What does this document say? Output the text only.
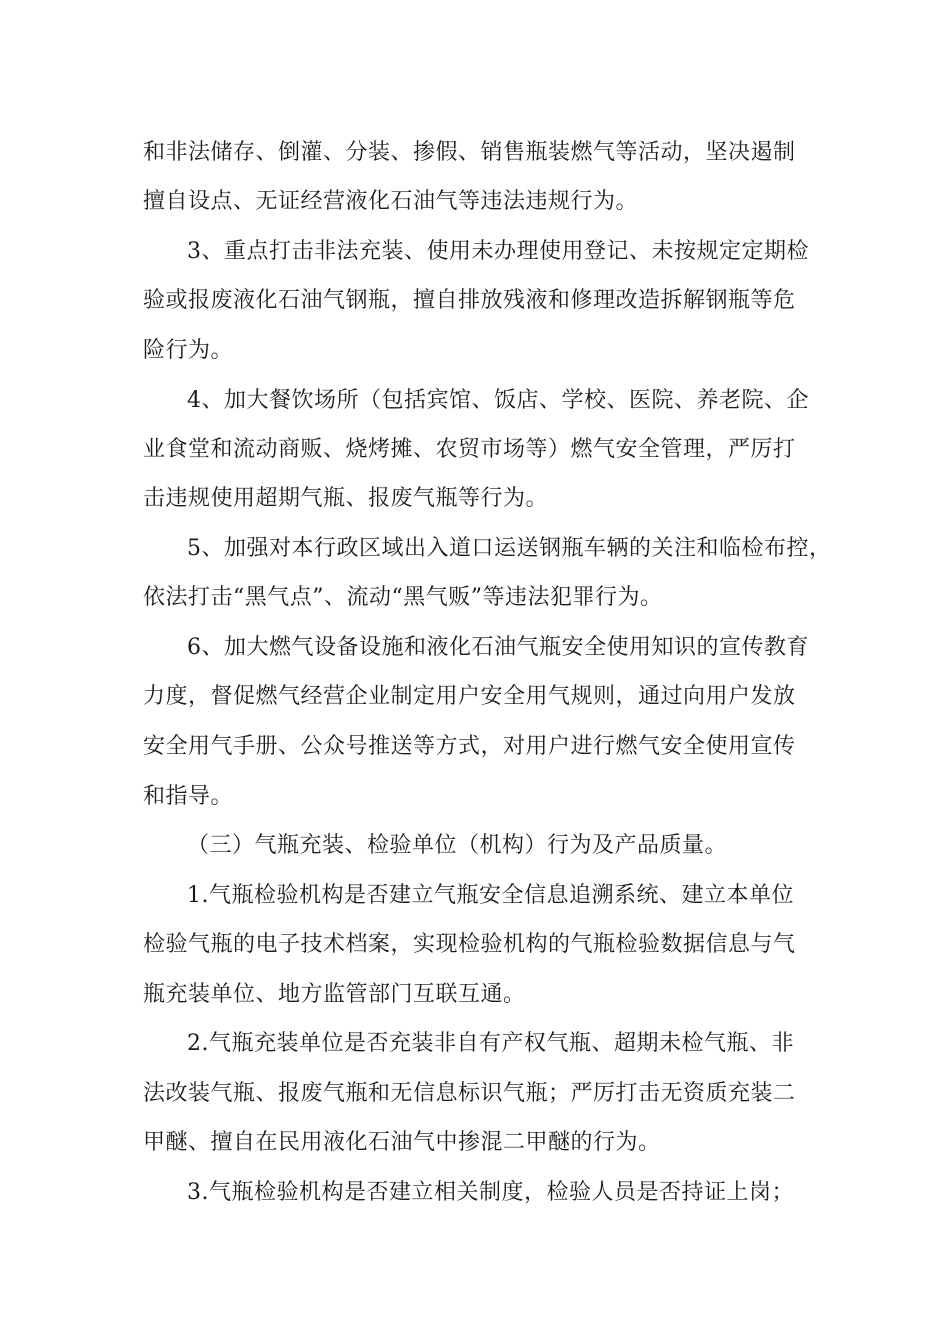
和非法储存、倒灌、分装、掺假、销售瓶装燃气等活动，坚决遏制

擅自设点、无证经营液化石油气等违法违规行为。

3、重点打击非法充装、使用未办理使用登记、未按规定定期检

验或报废液化石油气钢瓶，擅自排放残液和修理改造拆解钢瓶等危

险行为。

4、加大餐饮场所（包括宾馆、饭店、学校、医院、养老院、企

业食堂和流动商贩、烧烤摊、农贸市场等）燃气安全管理，严厉打

击违规使用超期气瓶、报废气瓶等行为。

5、加强对本行政区域出入道口运送钢瓶车辆的关注和临检布控，

依法打击“黑气点”、流动“黑气贩”等违法犯罪行为。

6、加大燃气设备设施和液化石油气瓶安全使用知识的宣传教育

力度，督促燃气经营企业制定用户安全用气规则，通过向用户发放

安全用气手册、公众号推送等方式，对用户进行燃气安全使用宣传

和指导。

（三）气瓶充装、检验单位（机构）行为及产品质量。

1.气瓶检验机构是否建立气瓶安全信息追溯系统、建立本单位

检验气瓶的电子技术档案，实现检验机构的气瓶检验数据信息与气

瓶充装单位、地方监管部门互联互通。

2.气瓶充装单位是否充装非自有产权气瓶、超期未检气瓶、非

法改装气瓶、报废气瓶和无信息标识气瓶；严厉打击无资质充装二

甲醚、擅自在民用液化石油气中掺混二甲醚的行为。

3.气瓶检验机构是否建立相关制度，检验人员是否持证上岗；
